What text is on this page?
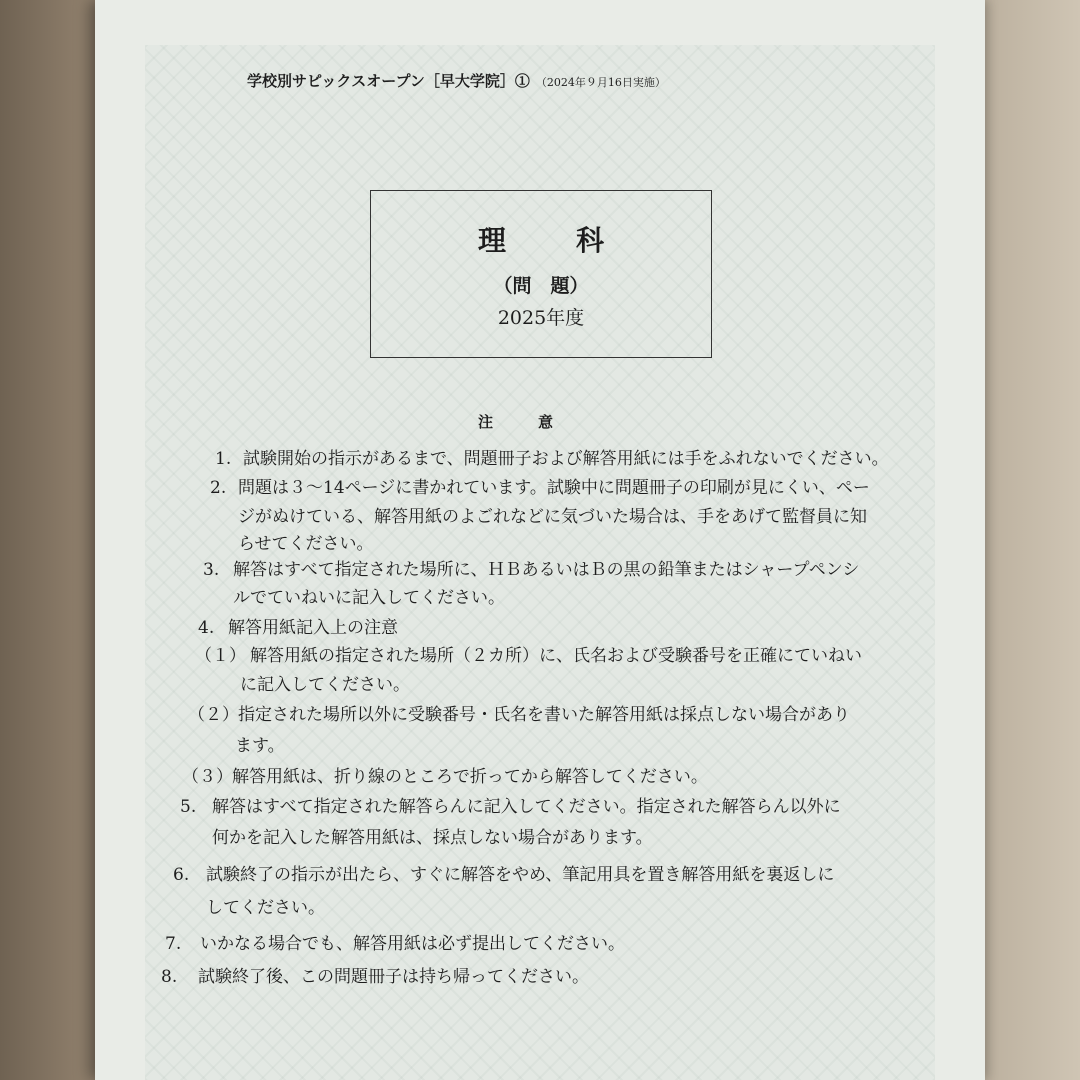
学校別サピックスオープン［早大学院］① （2024年９月16日実施）
理科
（問　題）
2025年度
注意
1. 試験開始の指示があるまで、問題冊子および解答用紙には手をふれないでください。
2. 問題は３～14ページに書かれています。試験中に問題冊子の印刷が見にくい、ペー
ジがぬけている、解答用紙のよごれなどに気づいた場合は、手をあげて監督員に知
らせてください。
3. 解答はすべて指定された場所に、ＨＢあるいはＢの黒の鉛筆またはシャープペンシ
ルでていねいに記入してください。
4. 解答用紙記入上の注意
（１） 解答用紙の指定された場所（２カ所）に、氏名および受験番号を正確にていねい
に記入してください。
（２）指定された場所以外に受験番号・氏名を書いた解答用紙は採点しない場合があり
ます。
（３）解答用紙は、折り線のところで折ってから解答してください。
5. 解答はすべて指定された解答らんに記入してください。指定された解答らん以外に
何かを記入した解答用紙は、採点しない場合があります。
6. 試験終了の指示が出たら、すぐに解答をやめ、筆記用具を置き解答用紙を裏返しに
してください。
7. いかなる場合でも、解答用紙は必ず提出してください。
8. 試験終了後、この問題冊子は持ち帰ってください。
